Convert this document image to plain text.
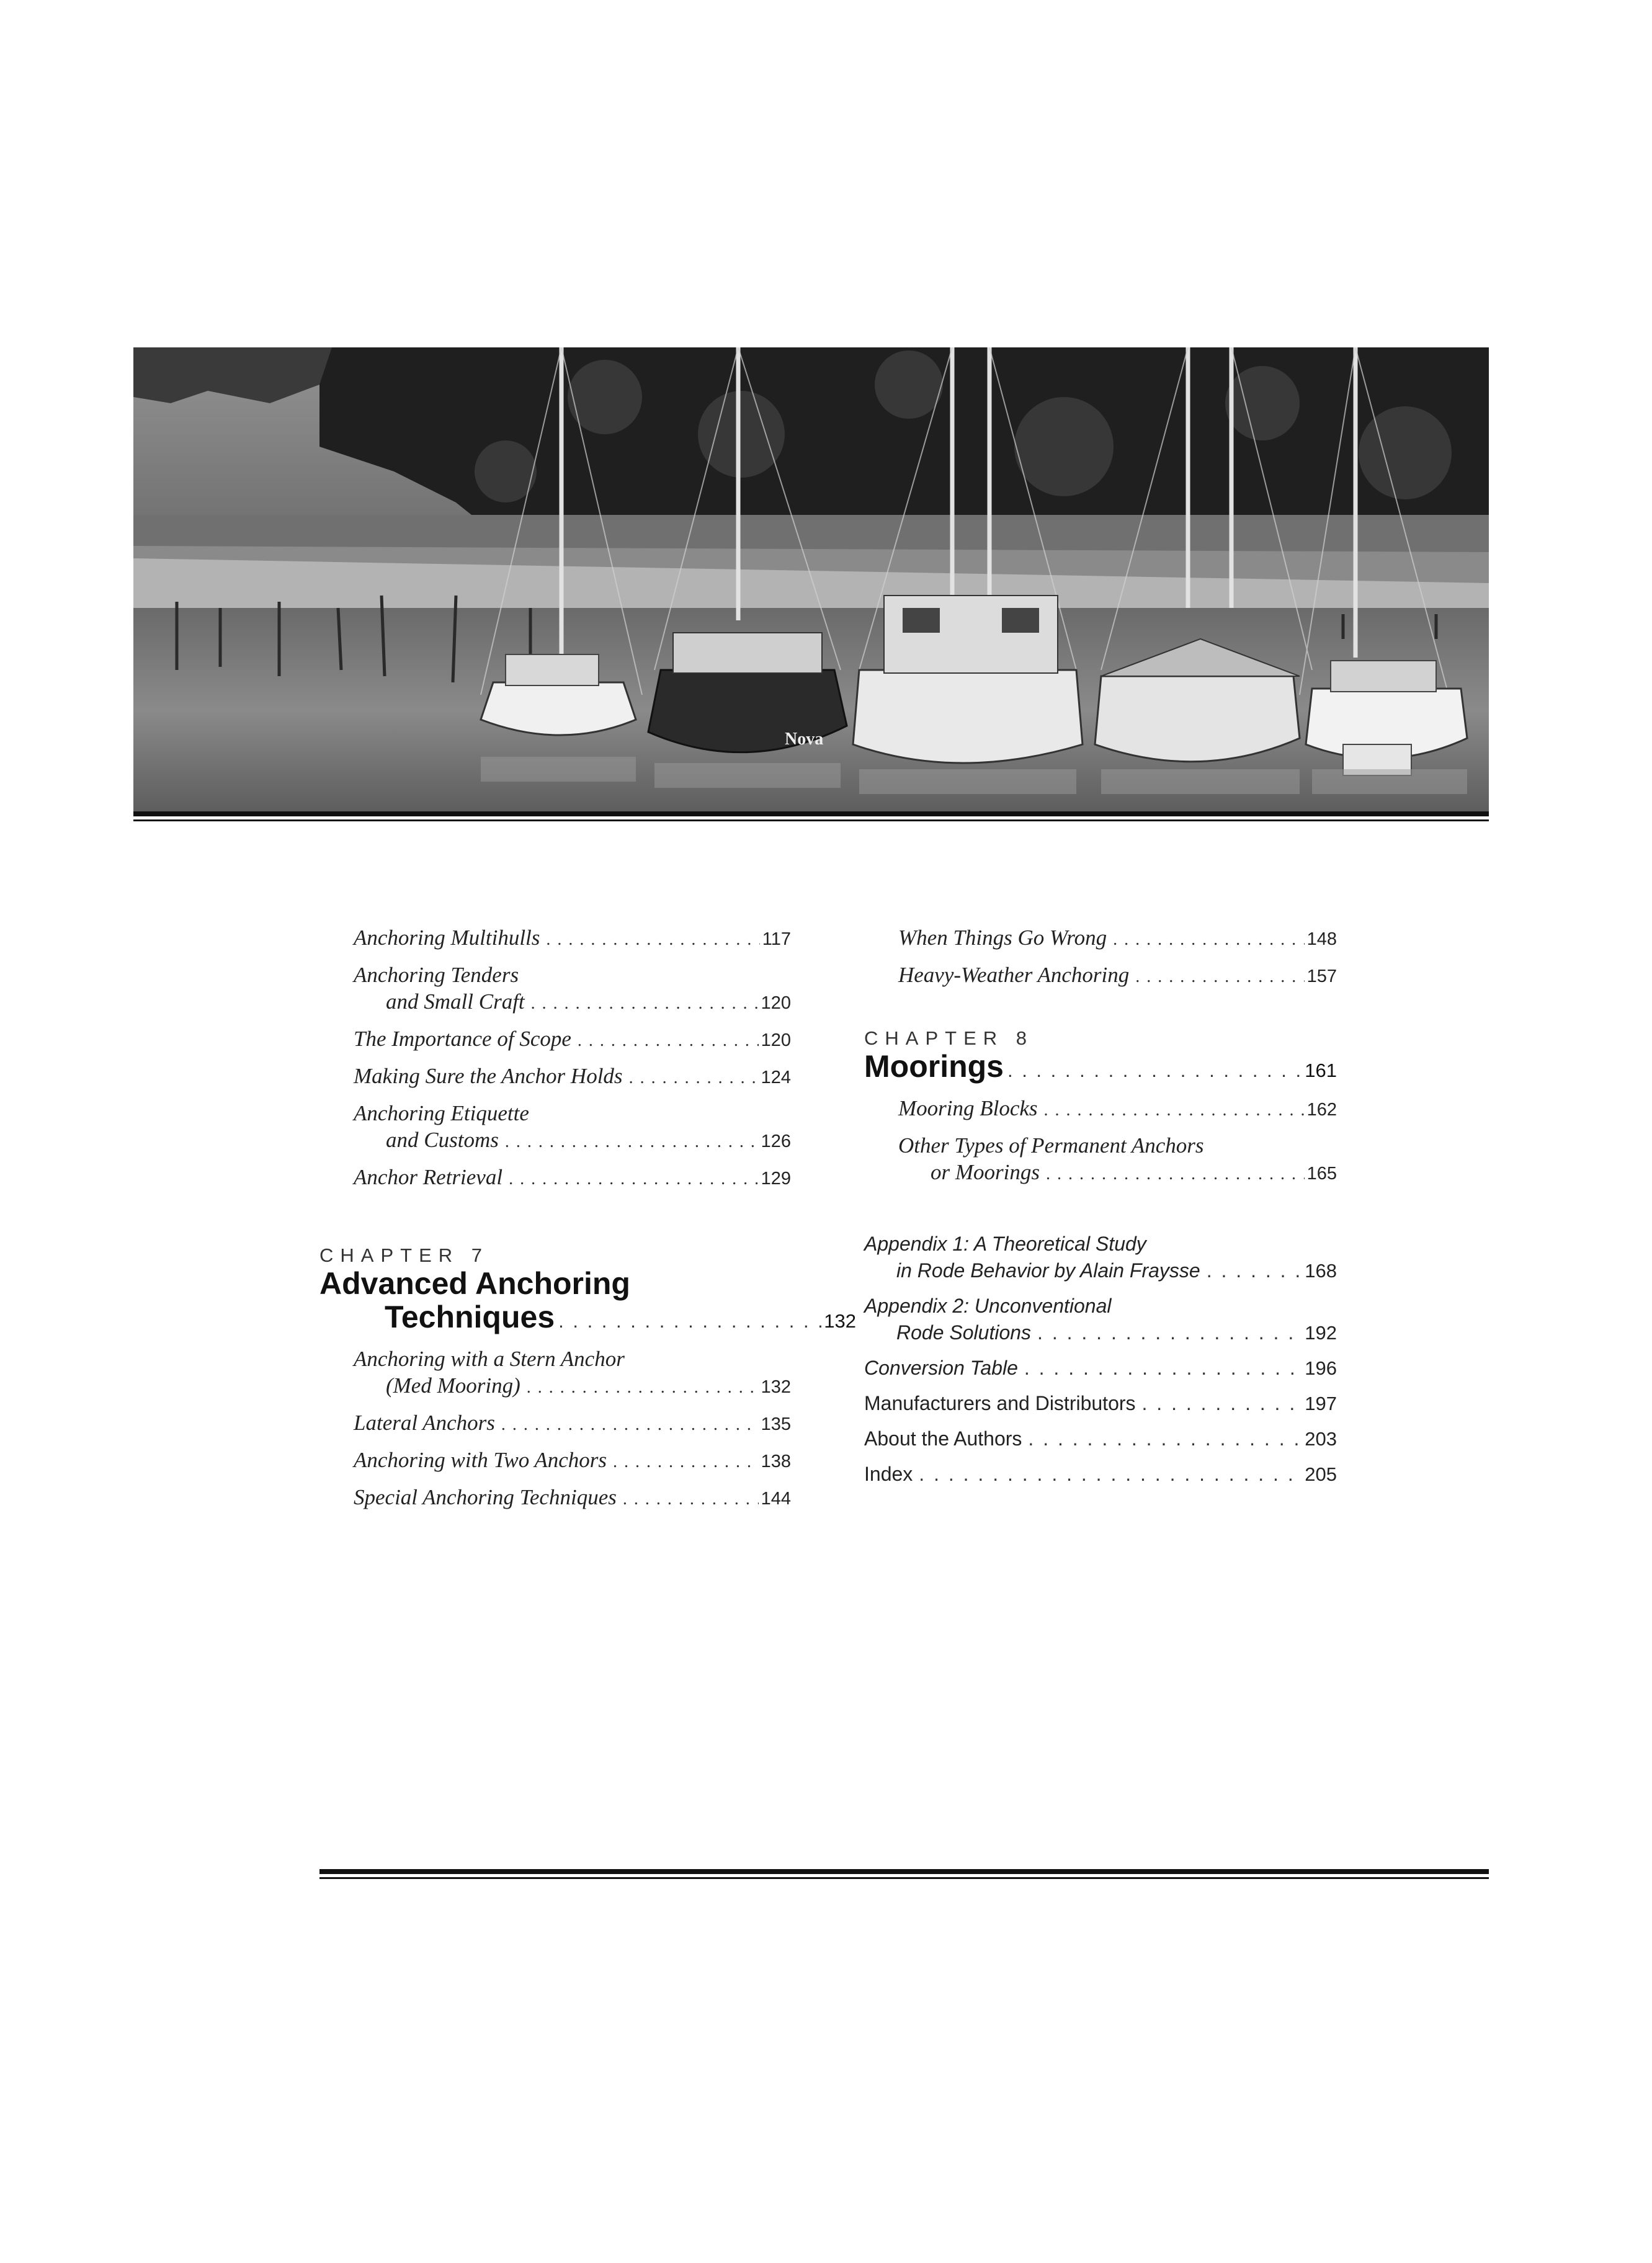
Nova
Anchoring Multihulls . . .	117
Anchoring Tenders
and Small Craft . . .	120
The Importance of Scope . . .	120
Making Sure the Anchor Holds . . .	124
Anchoring Etiquette
and Customs . . .	126
Anchor Retrieval . . .	129
CHAPTER 7
Advanced Anchoring
Techniques . . .	132
Anchoring with a Stern Anchor
(Med Mooring) . . .	132
Lateral Anchors . . .	135
Anchoring with Two Anchors . . .	138
Special Anchoring Techniques . . .	144
When Things Go Wrong . . .	148
Heavy-Weather Anchoring . . .	157
CHAPTER 8
Moorings . . .	161
Mooring Blocks . . .	162
Other Types of Permanent Anchors
or Moorings . . .	165
Appendix 1: A Theoretical Study
in Rode Behavior by Alain Fraysse . . .	168
Appendix 2: Unconventional
Rode Solutions . . .	192
Conversion Table . . .	196
Manufacturers and Distributors . . .	197
About the Authors . . .	203
Index . . .	205
